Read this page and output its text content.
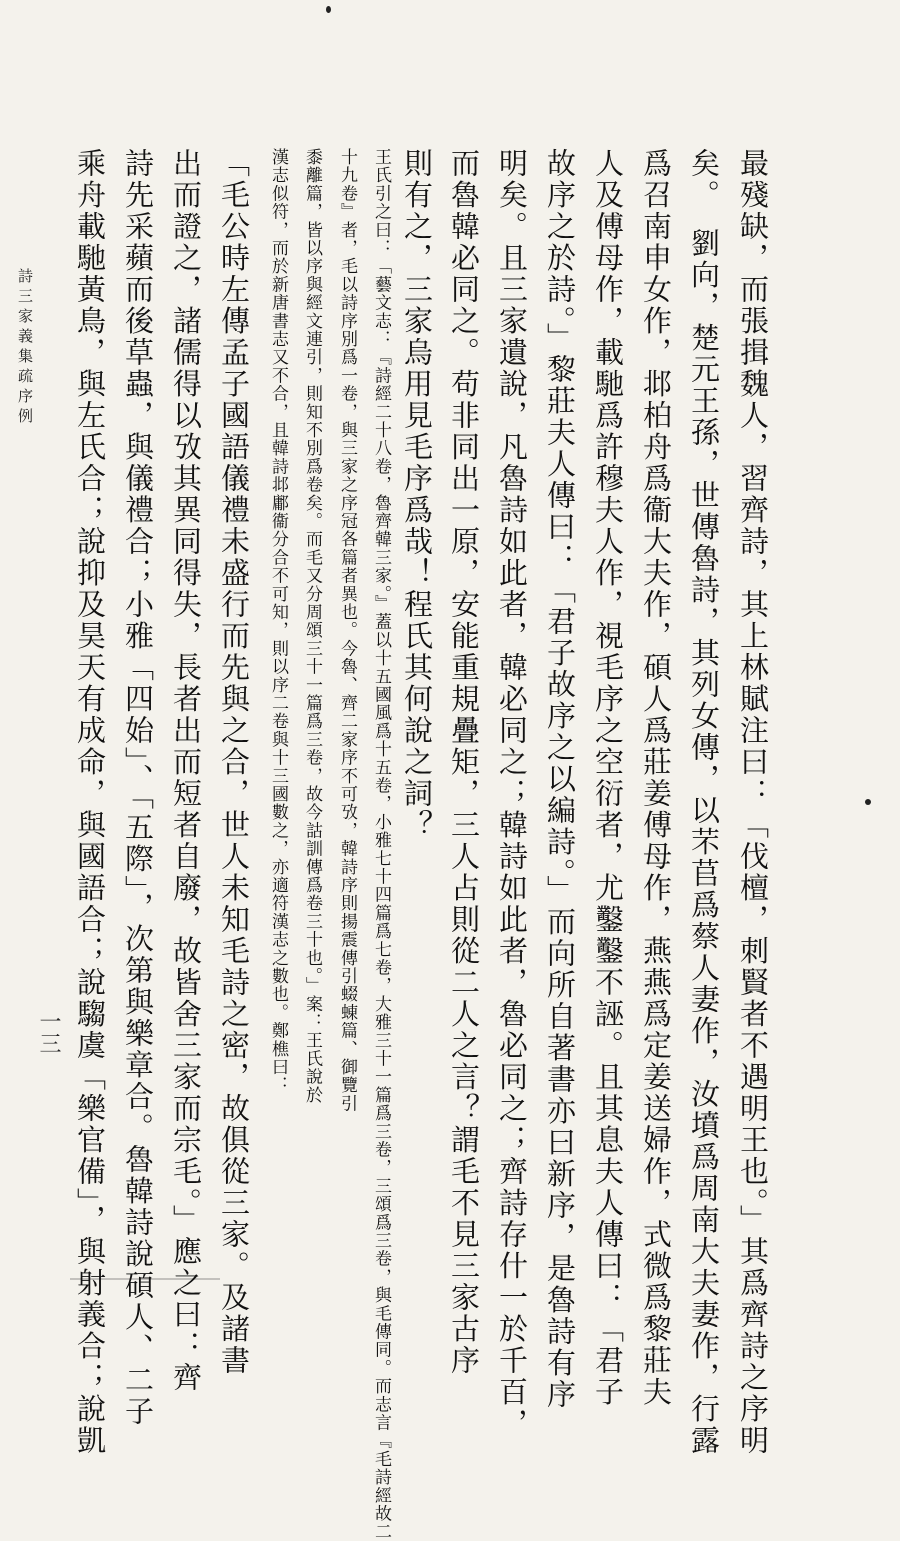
詩三家義集疏序例
一三	最殘缺，而張揖魏人，習齊詩，其上林賦注曰：「伐檀，刺賢者不遇明王也。」其爲齊詩之序明
矣。　劉向，楚元王孫，世傳魯詩，其列女傳，以芣苢爲蔡人妻作，汝墳爲周南大夫妻作，行露
爲召南申女作，邶柏舟爲衞大夫作，碩人爲莊姜傅母作，燕燕爲定姜送婦作，式微爲黎莊夫
人及傅母作，載馳爲許穆夫人作，視毛序之空衍者，尤鑿鑿不誣。且其息夫人傳曰：「君子
故序之於詩。」黎莊夫人傳曰：「君子故序之以編詩。」而向所自著書亦曰新序，是魯詩有序
明矣。且三家遺說，凡魯詩如此者，韓必同之；韓詩如此者，魯必同之；齊詩存什一於千百，
而魯韓必同之。苟非同出一原，安能重規疊矩，三人占則從二人之言？謂毛不見三家古序
則有之，三家烏用見毛序爲哉！程氏其何說之詞？
王氏引之曰：「藝文志：『詩經二十八卷，魯齊韓三家。』蓋以十五國風爲十五卷，小雅七十四篇爲七卷，大雅三十一篇爲三卷，三頌爲三卷，與毛傳同。而志言『毛詩經故二
十九卷』者，毛以詩序別爲一卷，與三家之序冠各篇者異也。今魯、齊二家序不可攷，韓詩序則揚震傳引蝃蝀篇、御覽引
黍離篇，皆以序與經文連引，則知不別爲卷矣。而毛又分周頌三十一篇爲三卷，故今詁訓傳爲卷三十也。」案：王氏說於
漢志似符，而於新唐書志又不合，且韓詩邶鄘衞分合不可知，則以序二卷與十三國數之，亦適符漢志之數也。鄭樵曰：
「毛公時左傳孟子國語儀禮未盛行而先與之合，世人未知毛詩之密，故俱從三家。及諸書
出而證之，諸儒得以攷其異同得失，長者出而短者自廢，故皆舍三家而宗毛。」應之曰：齊
詩先采蘋而後草蟲，與儀禮合；小雅「四始」、「五際」，次第與樂章合。魯韓詩說碩人、二子
乘舟載馳黃鳥，與左氏合；說抑及昊天有成命，與國語合；說騶虞「樂官備」，與射義合；說凱
